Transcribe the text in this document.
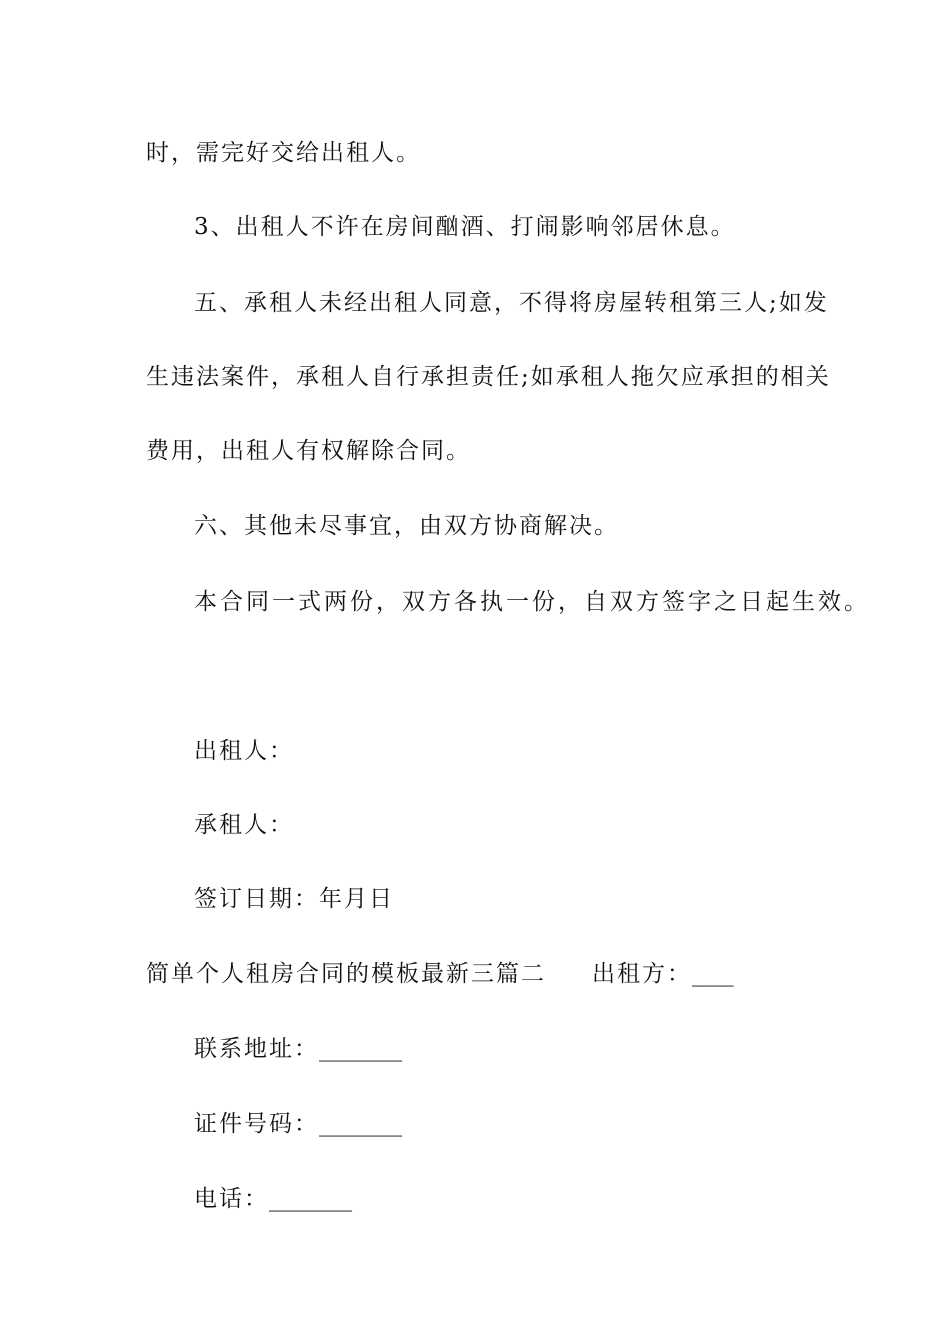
时，需完好交给出租人。
3、出租人不许在房间酗酒、打闹影响邻居休息。
五、承租人未经出租人同意，不得将房屋转租第三人;如发
生违法案件，承租人自行承担责任;如承租人拖欠应承担的相关
费用，出租人有权解除合同。
六、其他未尽事宜，由双方协商解决。
本合同一式两份，双方各执一份，自双方签字之日起生效。
出租人：
承租人：
签订日期：年月日
简单个人租房合同的模板最新三篇二 出租方：___
联系地址：______
证件号码：______
电话：______
